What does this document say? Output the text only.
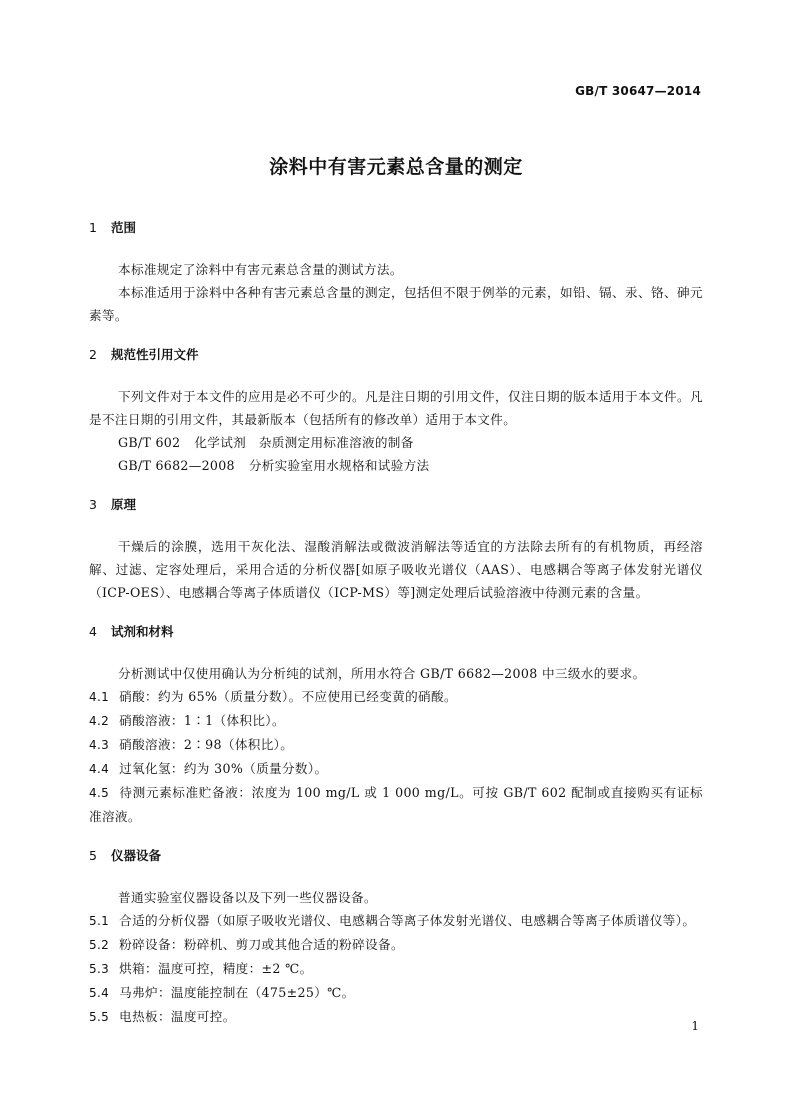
GB/T 30647—2014
涂料中有害元素总含量的测定
1 范围
本标准规定了涂料中有害元素总含量的测试方法。
本标准适用于涂料中各种有害元素总含量的测定，包括但不限于例举的元素，如铅、镉、汞、铬、砷元素等。
2 规范性引用文件
下列文件对于本文件的应用是必不可少的。凡是注日期的引用文件，仅注日期的版本适用于本文件。凡是不注日期的引用文件，其最新版本（包括所有的修改单）适用于本文件。
GB/T 602 化学试剂　杂质测定用标准溶液的制备
GB/T 6682—2008 分析实验室用水规格和试验方法
3 原理
干燥后的涂膜，选用干灰化法、湿酸消解法或微波消解法等适宜的方法除去所有的有机物质，再经溶解、过滤、定容处理后，采用合适的分析仪器[如原子吸收光谱仪（AAS）、电感耦合等离子体发射光谱仪（ICP-OES）、电感耦合等离子体质谱仪（ICP-MS）等]测定处理后试验溶液中待测元素的含量。
4 试剂和材料
分析测试中仅使用确认为分析纯的试剂，所用水符合 GB/T 6682—2008 中三级水的要求。
4.1 硝酸：约为 65%（质量分数）。不应使用已经变黄的硝酸。
4.2 硝酸溶液：1∶1（体积比）。
4.3 硝酸溶液：2∶98（体积比）。
4.4 过氧化氢：约为 30%（质量分数）。
4.5 待测元素标准贮备液：浓度为 100 mg/L 或 1 000 mg/L。可按 GB/T 602 配制或直接购买有证标准溶液。
5 仪器设备
普通实验室仪器设备以及下列一些仪器设备。
5.1 合适的分析仪器（如原子吸收光谱仪、电感耦合等离子体发射光谱仪、电感耦合等离子体质谱仪等）。
5.2 粉碎设备：粉碎机、剪刀或其他合适的粉碎设备。
5.3 烘箱：温度可控，精度：±2 ℃。
5.4 马弗炉：温度能控制在（475±25）℃。
5.5 电热板：温度可控。
1
